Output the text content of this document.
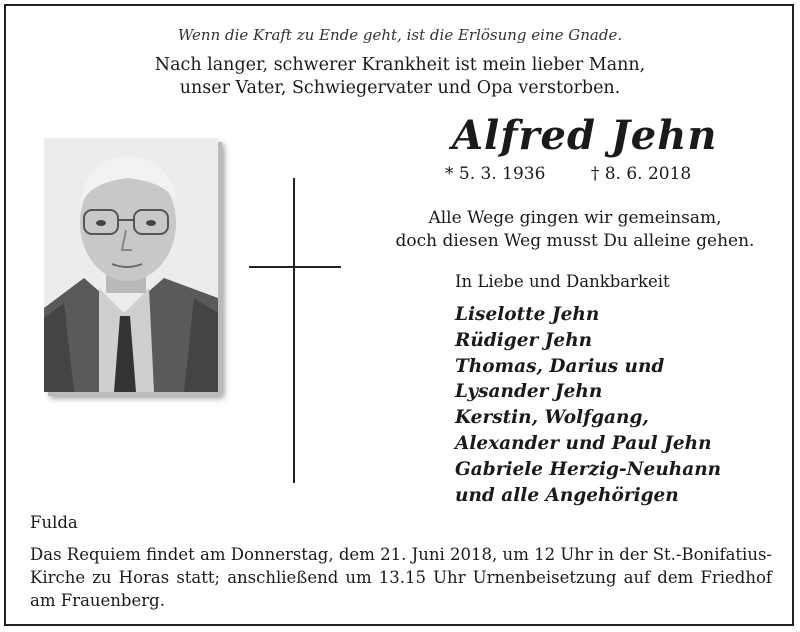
Wenn die Kraft zu Ende geht, ist die Erlösung eine Gnade.
Nach langer, schwerer Krankheit ist mein lieber Mann,
unser Vater, Schwiegervater und Opa verstorben.
Alfred Jehn
* 5. 3. 1936	† 8. 6. 2018
Alle Wege gingen wir gemeinsam,
doch diesen Weg musst Du alleine gehen.
In Liebe und Dankbarkeit
Liselotte Jehn
Rüdiger Jehn
Thomas, Darius und
Lysander Jehn
Kerstin, Wolfgang,
Alexander und Paul Jehn
Gabriele Herzig-Neuhann
und alle Angehörigen
Fulda
Das Requiem findet am Donnerstag, dem 21. Juni 2018, um 12 Uhr in der St.-Bonifatius-Kirche zu Horas statt; anschließend um 13.15 Uhr Urnenbeisetzung auf dem Friedhof am Frauenberg.
